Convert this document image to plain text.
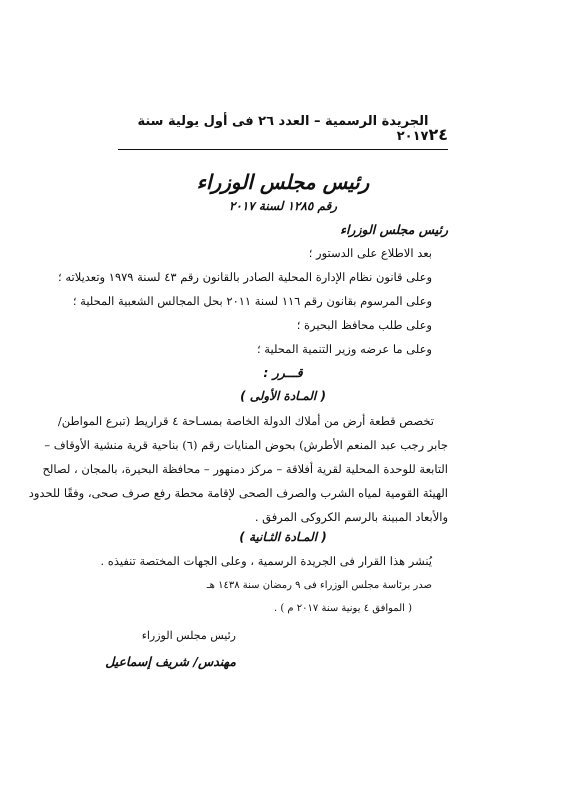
٢٤
الجريدة الرسمية – العدد ٢٦ فى أول يولية سنة ٢٠١٧
رئيس مجلس الوزراء
رقم ١٢٨٥ لسنة ٢٠١٧
رئيس مجلس الوزراء
بعد الاطلاع على الدستور ؛
وعلى قانون نظام الإدارة المحلية الصادر بالقانون رقم ٤٣ لسنة ١٩٧٩ وتعديلاته ؛
وعلى المرسوم بقانون رقم ١١٦ لسنة ٢٠١١ بحل المجالس الشعبية المحلية ؛
وعلى طلب محافظ البحيرة ؛
وعلى ما عرضه وزير التنمية المحلية ؛
قـــرر :
( المـادة الأولى )
تخصص قطعة أرض من أملاك الدولة الخاصة بمسـاحة ٤ قراريط (تبرع المواطن/
جابر رجب عبد المنعم الأطرش) بحوض المنايات رقم (٦) بناحية قرية منشية الأوقاف –
التابعة للوحدة المحلية لقرية أفلاقة – مركز دمنهور – محافظة البحيرة، بالمجان ، لصالح
الهيئة القومية لمياه الشرب والصرف الصحى لإقامة محطة رفع صرف صحى، وفقًا للحدود
والأبعاد المبينة بالرسم الكروكى المرفق .
( المـادة الثـانية )
يُنشر هذا القرار فى الجريدة الرسمية ، وعلى الجهات المختصة تنفيذه .
صدر برئاسة مجلس الوزراء فى ٩ رمضان سنة ١٤٣٨ هـ
( الموافق ٤ يونية سنة ٢٠١٧ م ) .
رئيس مجلس الوزراء
مهندس/ شريف إسماعيل
